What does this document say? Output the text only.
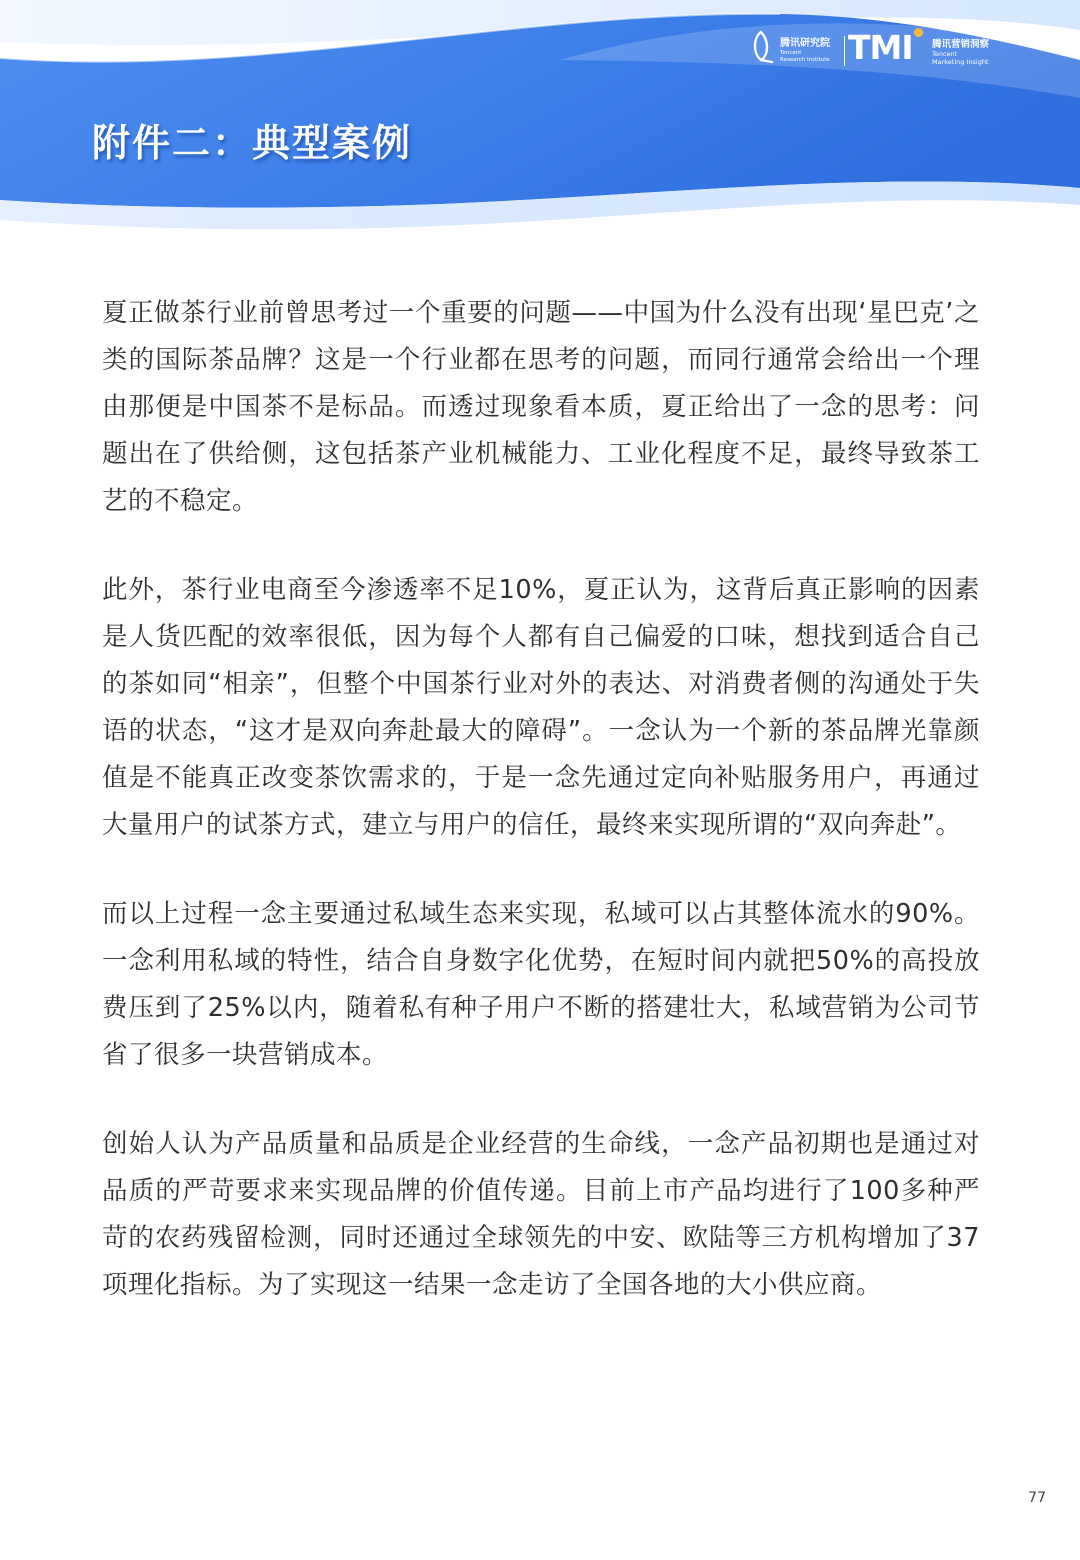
附件二：典型案例
腾讯研究院
Tencent
Research Institute TMI 腾讯营销洞察
Tencent
Marketing Insight

夏正做茶行业前曾思考过一个重要的问题——中国为什么没有出现‘星巴克’之类的国际茶品牌？这是一个行业都在思考的问题，而同行通常会给出一个理由那便是中国茶不是标品。而透过现象看本质，夏正给出了一念的思考：问题出在了供给侧，这包括茶产业机械能力、工业化程度不足，最终导致茶工艺的不稳定。

此外，茶行业电商至今渗透率不足10%，夏正认为，这背后真正影响的因素是人货匹配的效率很低，因为每个人都有自己偏爱的口味，想找到适合自己的茶如同“相亲”，但整个中国茶行业对外的表达、对消费者侧的沟通处于失语的状态，“这才是双向奔赴最大的障碍”。一念认为一个新的茶品牌光靠颜值是不能真正改变茶饮需求的，于是一念先通过定向补贴服务用户，再通过大量用户的试茶方式，建立与用户的信任，最终来实现所谓的“双向奔赴”。

而以上过程一念主要通过私域生态来实现，私域可以占其整体流水的90%。一念利用私域的特性，结合自身数字化优势，在短时间内就把50%的高投放费压到了25%以内，随着私有种子用户不断的搭建壮大，私域营销为公司节省了很多一块营销成本。

创始人认为产品质量和品质是企业经营的生命线，一念产品初期也是通过对品质的严苛要求来实现品牌的价值传递。目前上市产品均进行了100多种严苛的农药残留检测，同时还通过全球领先的中安、欧陆等三方机构增加了37项理化指标。为了实现这一结果一念走访了全国各地的大小供应商。

77
